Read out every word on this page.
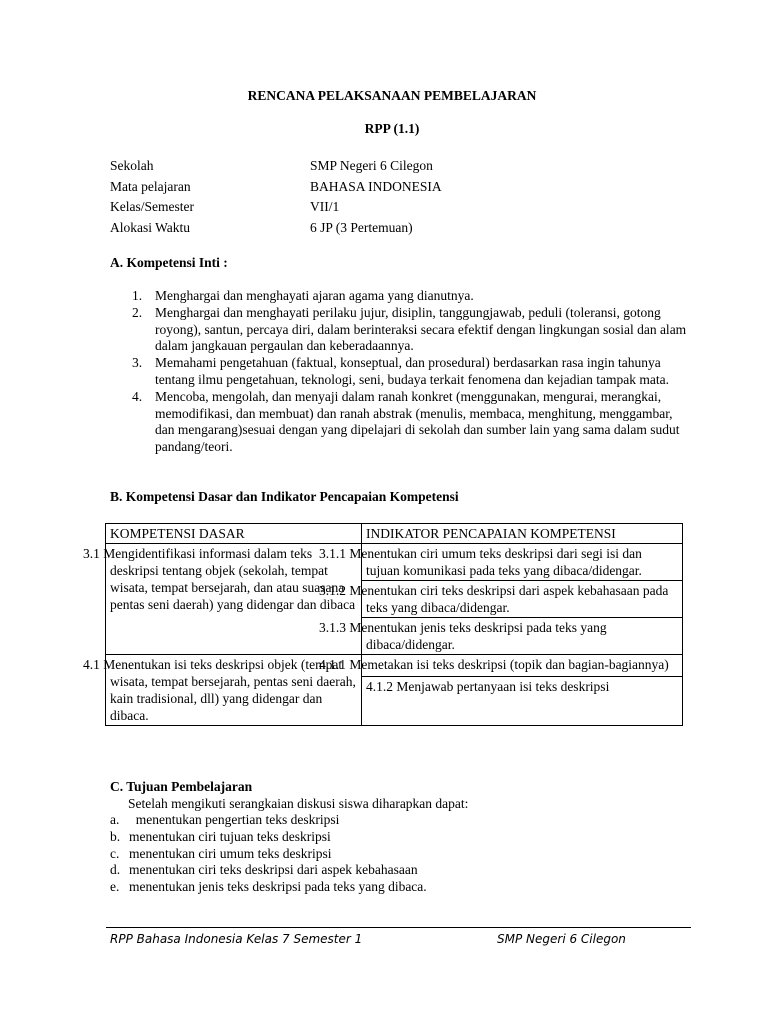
RENCANA PELAKSANAAN PEMBELAJARAN
RPP (1.1)
Sekolah	SMP Negeri 6 Cilegon
Mata pelajaran	BAHASA INDONESIA
Kelas/Semester	VII/1
Alokasi Waktu	6 JP (3 Pertemuan)
A. Kompetensi Inti :
1. Menghargai dan menghayati ajaran agama yang dianutnya.
2. Menghargai dan menghayati perilaku jujur, disiplin, tanggungjawab, peduli (toleransi, gotong royong), santun, percaya diri, dalam berinteraksi secara efektif dengan lingkungan sosial dan alam dalam jangkauan pergaulan dan keberadaannya.
3. Memahami pengetahuan (faktual, konseptual, dan prosedural) berdasarkan rasa ingin tahunya tentang ilmu pengetahuan, teknologi, seni, budaya terkait fenomena dan kejadian tampak mata.
4. Mencoba, mengolah, dan menyaji dalam ranah konkret (menggunakan, mengurai, merangkai, memodifikasi, dan membuat) dan ranah abstrak (menulis, membaca, menghitung, menggambar, dan mengarang)sesuai dengan yang dipelajari di sekolah dan sumber lain yang sama dalam sudut pandang/teori.
B. Kompetensi Dasar dan Indikator Pencapaian Kompetensi
KOMPETENSI DASAR	INDIKATOR PENCAPAIAN KOMPETENSI
3.1 Mengidentifikasi informasi dalam teks deskripsi tentang objek (sekolah, tempat wisata, tempat bersejarah, dan atau suasana pentas seni daerah) yang didengar dan dibaca	3.1.1 Menentukan ciri umum teks deskripsi dari segi isi dan tujuan komunikasi pada teks yang dibaca/didengar.
	3.1.2 Menentukan ciri teks deskripsi dari aspek kebahasaan pada teks yang dibaca/didengar.
	3.1.3 Menentukan jenis teks deskripsi pada teks yang dibaca/didengar.
4.1 Menentukan isi teks deskripsi objek (tempat wisata, tempat bersejarah, pentas seni daerah, kain tradisional, dll) yang didengar dan dibaca.	4.1.1 Memetakan isi teks deskripsi (topik dan bagian-bagiannya)
	4.1.2 Menjawab pertanyaan isi teks deskripsi
C. Tujuan Pembelajaran
Setelah mengikuti serangkaian diskusi siswa diharapkan dapat:
a. menentukan pengertian teks deskripsi
b. menentukan ciri tujuan teks deskripsi
c. menentukan ciri umum teks deskripsi
d. menentukan ciri teks deskripsi dari aspek kebahasaan
e. menentukan jenis teks deskripsi pada teks yang dibaca.
RPP Bahasa Indonesia Kelas 7 Semester 1	SMP Negeri 6 Cilegon
